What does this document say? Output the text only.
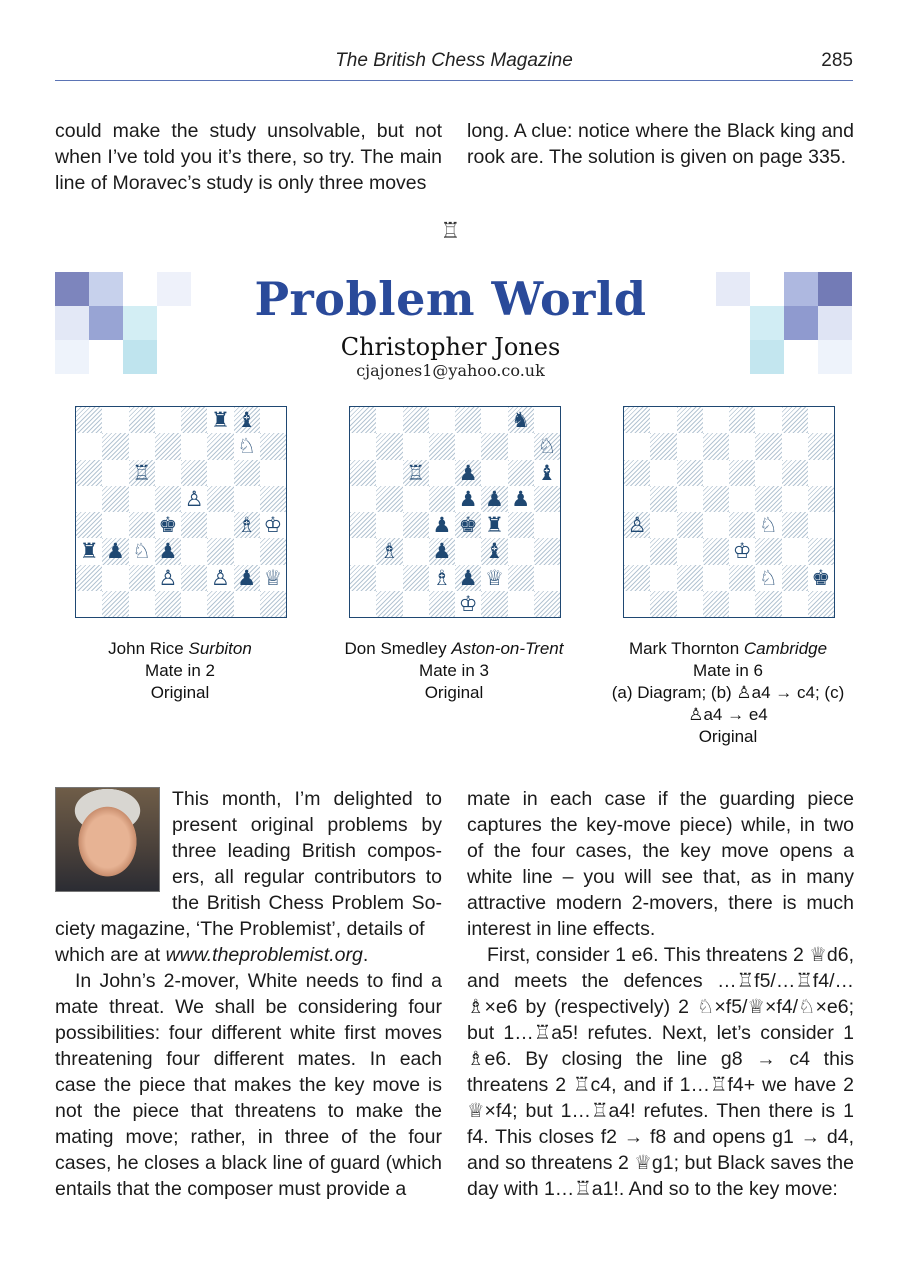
The British Chess Magazine	285

could make the study unsolvable, but not when I’ve told you it’s there, so try. The main line of Moravec’s study is only three moves

long. A clue: notice where the Black king and rook are. The solution is given on page 335.

♖
Problem World
Christopher Jones
cjajones1@yahoo.co.uk
♜ ♝
♘
♖
♙
♚	♗ ♔
♜ ♟ ♘ ♟
♙ ♙ ♟ ♕
♞
♘
♖ ♟	♝
♟ ♟ ♟
♟ ♚ ♜
♗ ♟ ♝
♗ ♟ ♕
♔
♙	♘
♔
♘ ♚
John Rice Surbiton
Mate in 2
Original
Don Smedley Aston-on-Trent
Mate in 3
Original
Mark Thornton Cambridge
Mate in 6
(a) Diagram; (b) ♙a4 → c4; (c) ♙a4 → e4
Original

This month, I’m delighted to
present original problems by
three leading British compos-
ers, all regular contributors to
the British Chess Problem So-
ciety magazine, ‘The Problemist’, details of which are at www.theproblemist.org.

In John’s 2-mover, White needs to find a mate threat. We shall be considering four possibilities: four different white first moves threatening four different mates. In each case the piece that makes the key move is not the piece that threatens to make the mating move; rather, in three of the four cases, he closes a black line of guard (which entails that the composer must provide a

mate in each case if the guarding piece captures the key-move piece) while, in two of the four cases, the key move opens a white line – you will see that, as in many attractive modern 2-movers, there is much interest in line effects.

First, consider 1 e6. This threatens 2 ♕d6, and meets the defences …♖f5/…♖f4/…♗×e6 by (respectively) 2 ♘×f5/♕×f4/♘×e6; but 1…♖a5! refutes. Next, let’s consider 1 ♗e6. By closing the line g8 → c4 this threatens 2 ♖c4, and if 1…♖f4+ we have 2 ♕×f4; but 1…♖a4! refutes. Then there is 1 f4. This closes f2 → f8 and opens g1 → d4, and so threatens 2 ♕g1; but Black saves the day with 1…♖a1!. And so to the key move:
